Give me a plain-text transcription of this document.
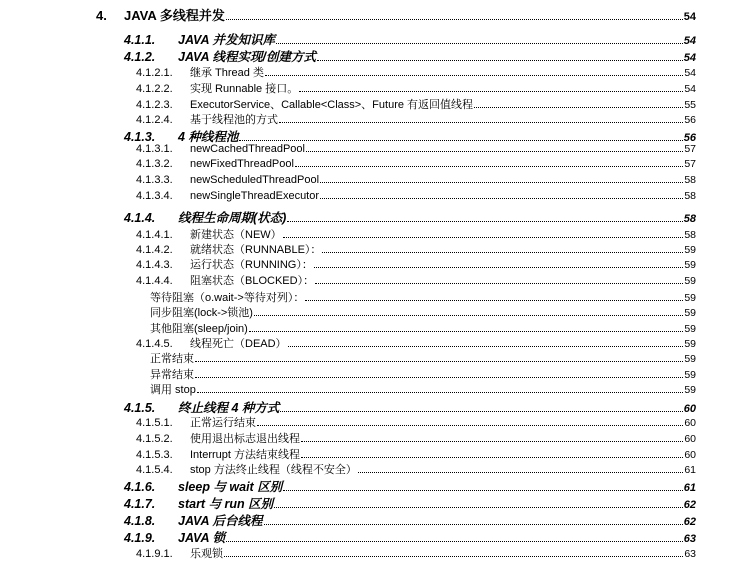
4.	JAVA 多线程并发	54
4.1.1.	JAVA 并发知识库	54
4.1.2.	JAVA 线程实现/创建方式	54
4.1.2.1.	继承 Thread 类	54
4.1.2.2.	实现 Runnable 接口。	54
4.1.2.3.	ExecutorService、Callable<Class>、Future 有返回值线程	55
4.1.2.4.	基于线程池的方式	56
4.1.3.	4 种线程池	56
4.1.3.1.	newCachedThreadPool	57
4.1.3.2.	newFixedThreadPool	57
4.1.3.3.	newScheduledThreadPool	58
4.1.3.4.	newSingleThreadExecutor	58
4.1.4.	线程生命周期(状态)	58
4.1.4.1.	新建状态（NEW）	58
4.1.4.2.	就绪状态（RUNNABLE）：	59
4.1.4.3.	运行状态（RUNNING）：	59
4.1.4.4.	阻塞状态（BLOCKED）：	59
等待阻塞（o.wait->等待对列）：	59
同步阻塞(lock->锁池)	59
其他阻塞(sleep/join)	59
4.1.4.5.	线程死亡（DEAD）	59
正常结束	59
异常结束	59
调用 stop	59
4.1.5.	终止线程 4 种方式	60
4.1.5.1.	正常运行结束	60
4.1.5.2.	使用退出标志退出线程	60
4.1.5.3.	Interrupt 方法结束线程	60
4.1.5.4.	stop 方法终止线程（线程不安全）	61
4.1.6.	sleep 与 wait 区别	61
4.1.7.	start 与 run 区别	62
4.1.8.	JAVA 后台线程	62
4.1.9.	JAVA 锁	63
4.1.9.1.	乐观锁	63
